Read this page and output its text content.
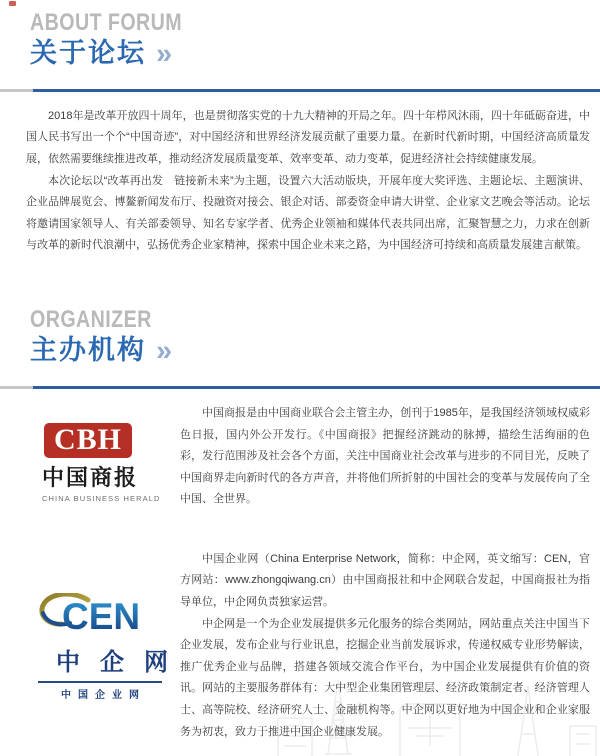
ABOUT FORUM
关于论坛 »

2018年是改革开放四十周年，也是贯彻落实党的十九大精神的开局之年。四十年栉风沐雨，四十年砥砺奋进，中国人民书写出一个个“中国奇迹”，对中国经济和世界经济发展贡献了重要力量。在新时代新时期，中国经济高质量发展，依然需要继续推进改革，推动经济发展质量变革、效率变革、动力变革，促进经济社会持续健康发展。

本次论坛以“改革再出发　链接新未来”为主题，设置六大活动版块，开展年度大奖评选、主题论坛、主题演讲、企业品牌展览会、博鳌新闻发布厅、投融资对接会、银企对话、部委资金申请大讲堂、企业家文艺晚会等活动。论坛将邀请国家领导人、有关部委领导、知名专家学者、优秀企业领袖和媒体代表共同出席，汇聚智慧之力，力求在创新与改革的新时代浪潮中，弘扬优秀企业家精神，探索中国企业未来之路，为中国经济可持续和高质量发展建言献策。

ORGANIZER
主办机构 »
CBH
中国商报
CHINA BUSINESS HERALD

中国商报是由中国商业联合会主管主办，创刊于1985年，是我国经济领域权威彩色日报，国内外公开发行。《中国商报》把握经济跳动的脉搏，描绘生活绚丽的色彩，发行范围涉及社会各个方面，关注中国商业社会改革与进步的不同目光，反映了中国商界走向新时代的各方声音，并将他们所折射的中国社会的变革与发展传向了全中国、全世界。

CEN
中企网
中国企业网

中国企业网（China Enterprise Network，简称：中企网，英文缩写：CEN，官方网站：www.zhongqiwang.cn）由中国商报社和中企网联合发起，中国商报社为指导单位，中企网负责独家运营。

中企网是一个为企业发展提供多元化服务的综合类网站，网站重点关注中国当下企业发展，发布企业与行业讯息，挖掘企业当前发展诉求，传递权威专业形势解读，推广优秀企业与品牌，搭建各领域交流合作平台，为中国企业发展提供有价值的资讯。网站的主要服务群体有：大中型企业集团管理层、经济政策制定者、经济管理人士、高等院校、经济研究人士、金融机构等。中企网以更好地为中国企业和企业家服务为初衷，致力于推进中国企业健康发展。
